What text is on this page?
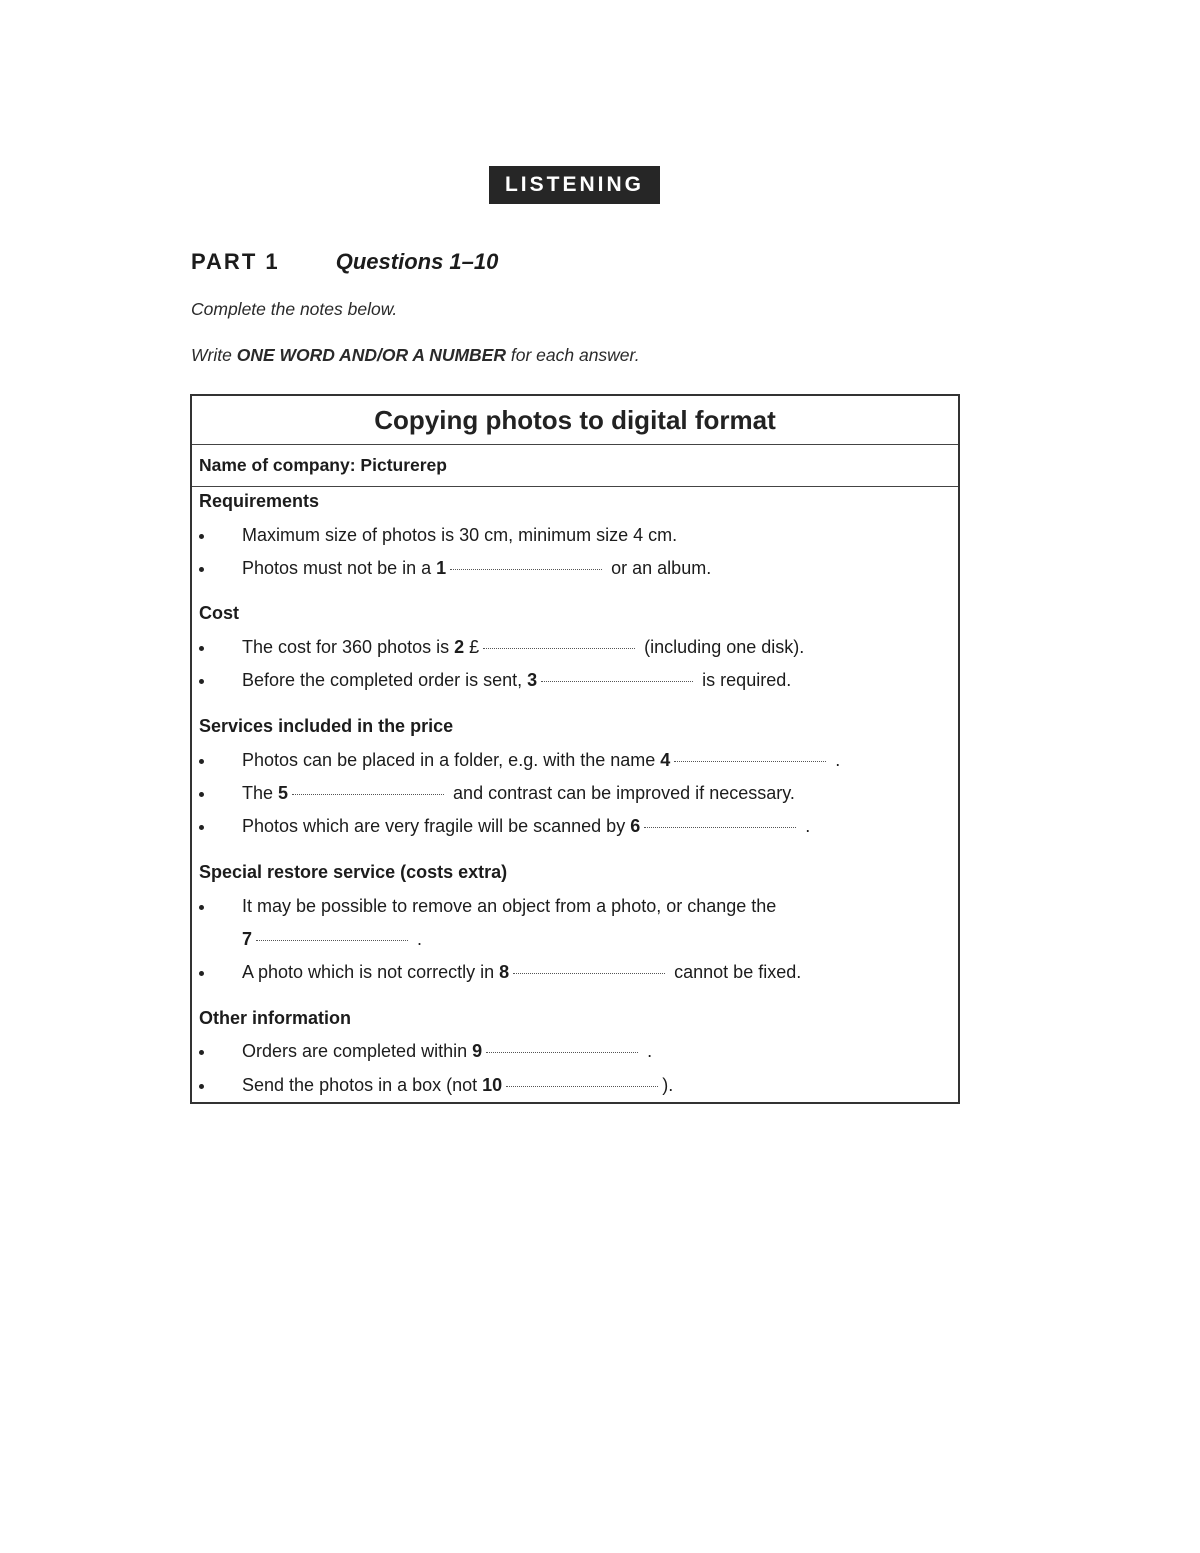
LISTENING
PART 1	Questions 1–10
Complete the notes below.
Write ONE WORD AND/OR A NUMBER for each answer.
Copying photos to digital format
Name of company: Picturerep
Requirements
Maximum size of photos is 30 cm, minimum size 4 cm.
Photos must not be in a 1	or an album.
Cost
The cost for 360 photos is 2 £	(including one disk).
Before the completed order is sent, 3	is required.
Services included in the price
Photos can be placed in a folder, e.g. with the name 4	.
The 5	and contrast can be improved if necessary.
Photos which are very fragile will be scanned by 6	.
Special restore service (costs extra)
It may be possible to remove an object from a photo, or change the
7	.
A photo which is not correctly in 8	cannot be fixed.
Other information
Orders are completed within 9	.
Send the photos in a box (not 10	).
